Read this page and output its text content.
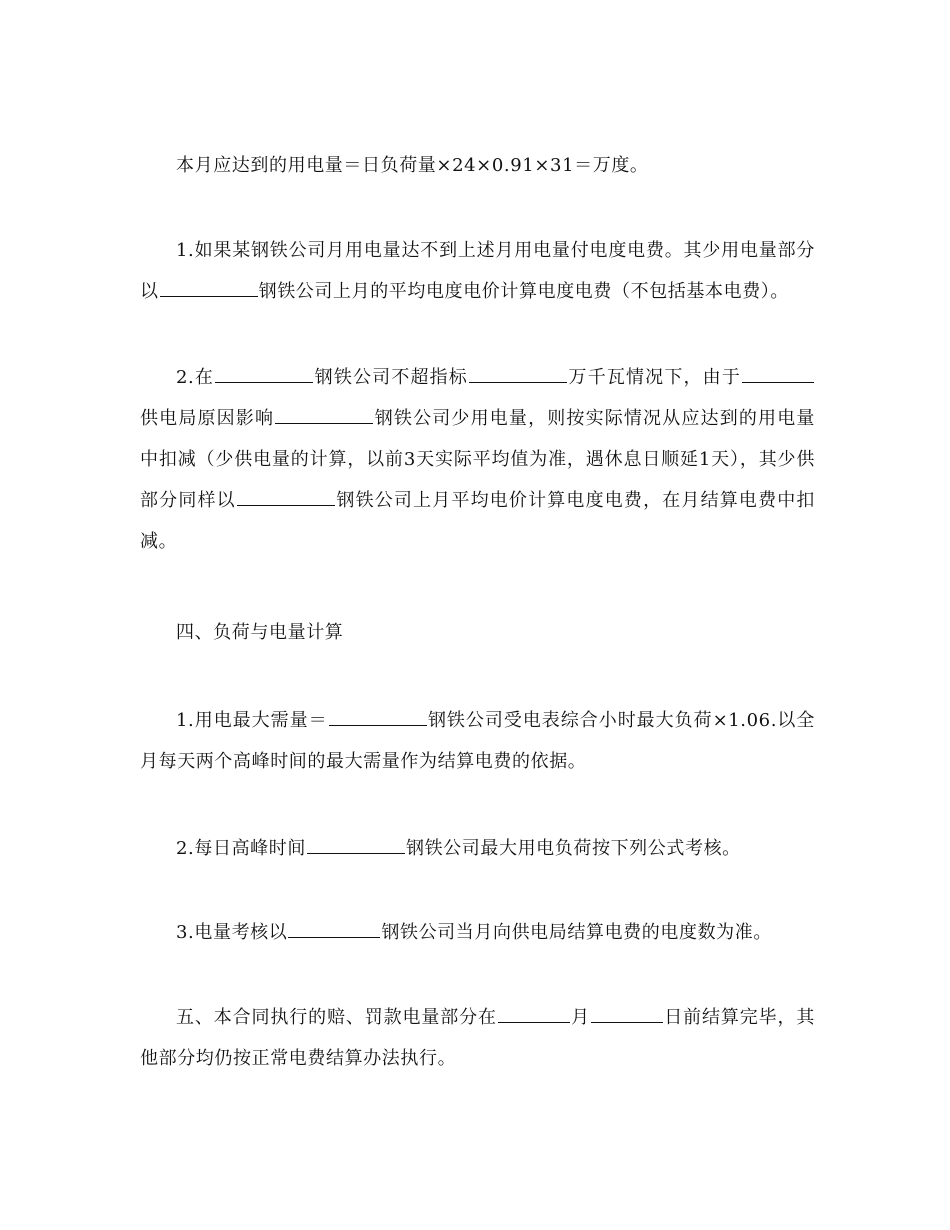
本月应达到的用电量＝日负荷量×24×0.91×31＝万度。

1.如果某钢铁公司月用电量达不到上述月用电量付电度电费。其少用电量部分以	钢铁公司上月的平均电度电价计算电度电费（不包括基本电费）。

2.在	钢铁公司不超指标	万千瓦情况下，由于供电局原因影响	钢铁公司少用电量，则按实际情况从应达到的用电量中扣减（少供电量的计算，以前3天实际平均值为准，遇休息日顺延1天），其少供部分同样以	钢铁公司上月平均电价计算电度电费，在月结算电费中扣减。

四、负荷与电量计算

1.用电最大需量＝	钢铁公司受电表综合小时最大负荷×1.06.以全月每天两个高峰时间的最大需量作为结算电费的依据。

2.每日高峰时间	钢铁公司最大用电负荷按下列公式考核。

3.电量考核以	钢铁公司当月向供电局结算电费的电度数为准。

五、本合同执行的赔、罚款电量部分在	月	日前结算完毕，其他部分均仍按正常电费结算办法执行。
